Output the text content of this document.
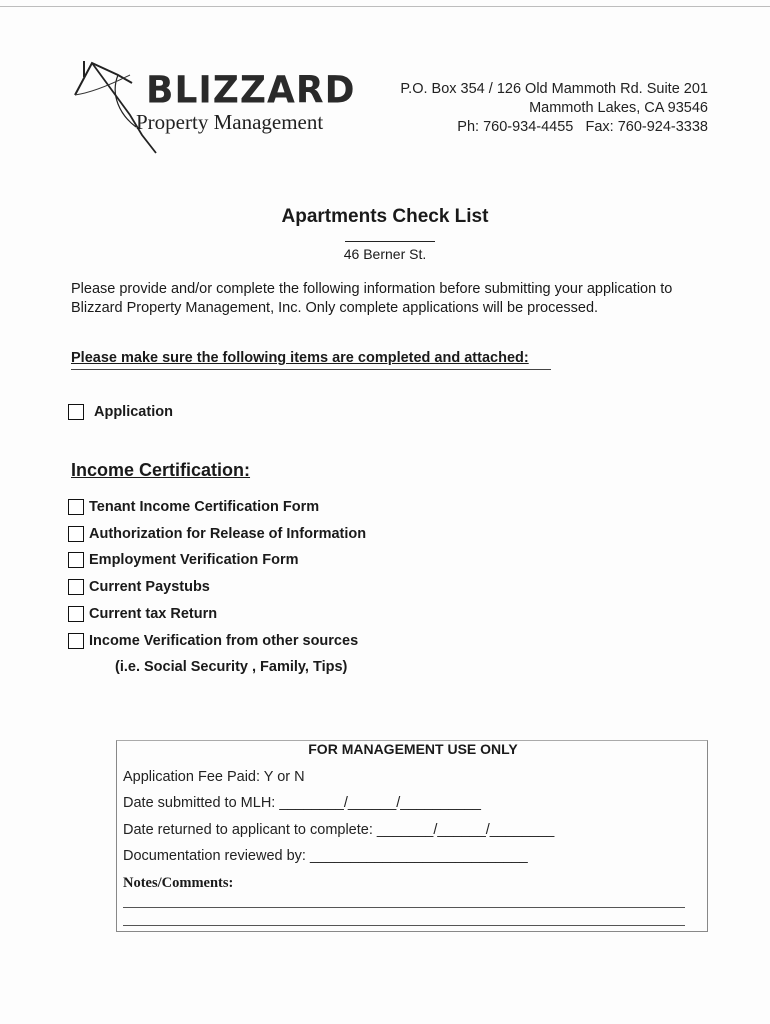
BLIZZARD
Property Management
P.O. Box 354 / 126 Old Mammoth Rd. Suite 201
Mammoth Lakes, CA 93546
Ph: 760-934-4455   Fax: 760-924-3338
Apartments Check List
46 Berner St.
Please provide and/or complete the following information before submitting your application to Blizzard Property Management, Inc. Only complete applications will be processed.
Please make sure the following items are completed and attached:
Application
Income Certification:
Tenant Income Certification Form
Authorization for Release of Information
Employment Verification Form
Current Paystubs
Current tax Return
Income Verification from other sources
(i.e. Social Security , Family, Tips)
FOR MANAGEMENT USE ONLY
Application Fee Paid: Y or N
Date submitted to MLH: ________/______/__________
Date returned to applicant to complete: _______/______/________
Documentation reviewed by: ___________________________
Notes/Comments:
